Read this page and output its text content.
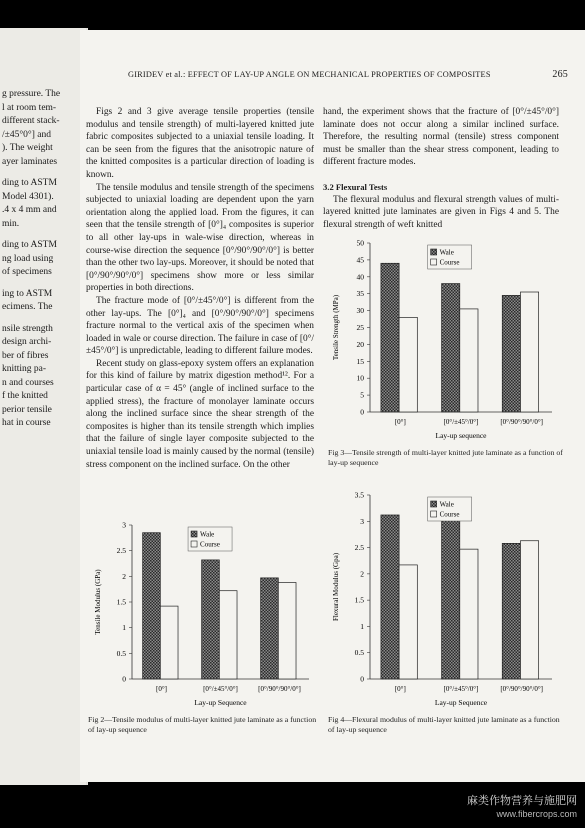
g pressure. The

l at room tem-

different stack-

/±45°0°] and

). The weight

ayer laminates

ding to ASTM

Model 4301).

.4 x 4 mm and

min.

ding to ASTM

ng load using

of specimens

ing to ASTM

ecimens. The

nsile strength

design archi-

ber of fibres

knitting pa-

n and courses

f the knitted

perior tensile

hat in course

GIRIDEV et al.: EFFECT OF LAY-UP ANGLE ON MECHANICAL PROPERTIES OF COMPOSITES	265

Figs 2 and 3 give average tensile properties (tensile modulus and tensile strength) of multi-layered knitted jute fabric composites subjected to a uniaxial tensile loading. It can be seen from the figures that the anisotropic nature of the knitted composites is a particular direction of loading is known.

The tensile modulus and tensile strength of the specimens subjected to uniaxial loading are dependent upon the yarn orientation along the applied load. From the figures, it can seen that the tensile strength of [0°]₄ composites is superior to all other lay-ups in wale-wise direction, whereas in course-wise direction the sequence [0°/90°/90°/0°] is better than the other two lay-ups. Moreover, it should be noted that [0°/90°/90°/0°] specimens show more or less similar properties in both directions.

The fracture mode of [0°/±45°/0°] is different from the other lay-ups. The [0°]₄ and [0°/90°/90°/0°] specimens fracture normal to the vertical axis of the specimen when loaded in wale or course direction. The failure in case of [0°/±45°/0°] is unpredictable, leading to different failure modes.

Recent study on glass-epoxy system offers an explanation for this kind of failure by matrix digestion method¹². For a particular case of α = 45° (angle of inclined surface to the applied stress), the fracture of monolayer laminate occurs along the inclined surface since the shear strength of the composites is higher than its tensile strength which implies that the failure of single layer composite subjected to the uniaxial tensile load is mainly caused by the normal (tensile) stress component on the inclined surface. On the other

hand, the experiment shows that the fracture of [0°/±45°/0°] laminate does not occur along a similar inclined surface. Therefore, the resulting normal (tensile) stress component must be smaller than the shear stress component, leading to different fracture modes.

3.2 Flexural Tests

The flexural modulus and flexural strength values of multi-layered knitted jute laminates are given in Figs 4 and 5. The flexural strength of weft knitted

Tensile Strength (MPa)
0
5
10
15
20
25
30
35
40
45
50
[0°]	[0°/±45°/0°]	[0°/90°/90°/0°]
Lay-up sequence
Wale
Course
Fig 3—Tensile strength of multi-layer knitted jute laminate as a function of lay-up sequence
Tensile Modulus (GPa)
0
0.5
1
1.5
2
2.5
3
[0°]	[0°/±45°/0°]	[0°/90°/90°/0°]
Lay-up Sequence
Wale
Course
Fig 2—Tensile modulus of multi-layer knitted jute laminate as a function of lay-up sequence
Flexural Modulus (Gpa)
0
0.5
1
1.5
2
2.5
3
3.5
[0°]	[0°/±45°/0°]	[0°/90°/90°/0°]
Lay-up Sequence
Wale
Course
Fig 4—Flexural modulus of multi-layer knitted jute laminate as a function of lay-up sequence
麻类作物营养与施肥网
www.fibercrops.com
